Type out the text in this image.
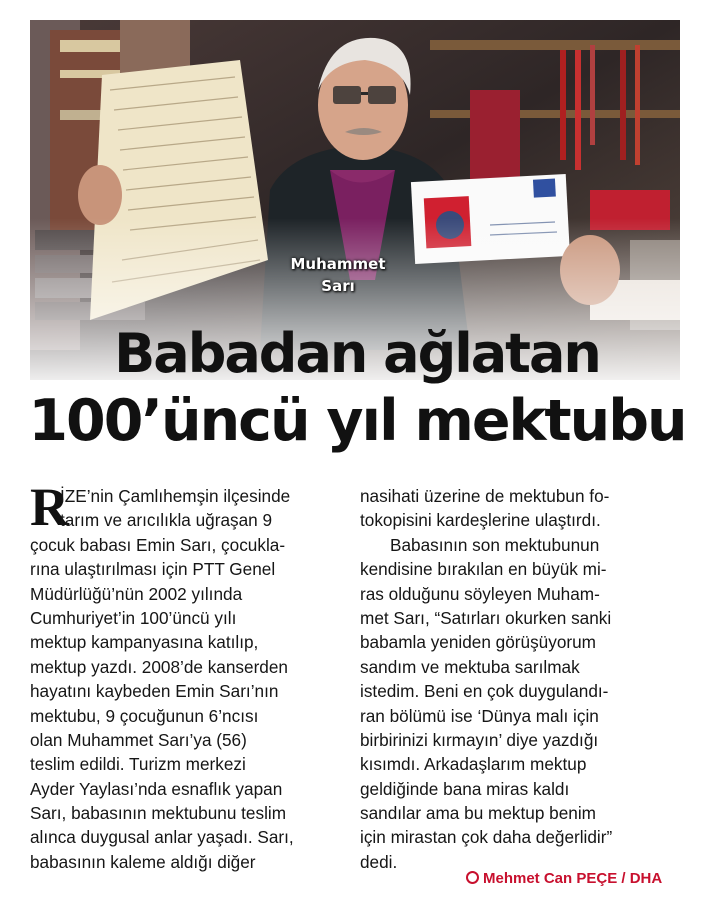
Muhammet
Sarı
Babadan ağlatan
100’üncü yıl mektubu
R
İZE’nin Çamlıhemşin ilçesinde
tarım ve arıcılıkla uğraşan 9
çocuk babası Emin Sarı, çocukla-
rına ulaştırılması için PTT Genel
Müdürlüğü’nün 2002 yılında
Cumhuriyet’in 100’üncü yılı
mektup kampanyasına katılıp,
mektup yazdı. 2008’de kanserden
hayatını kaybeden Emin Sarı’nın
mektubu, 9 çocuğunun 6’ncısı
olan Muhammet Sarı’ya (56)
teslim edildi. Turizm merkezi
Ayder Yaylası’nda esnaflık yapan
Sarı, babasının mektubunu teslim
alınca duygusal anlar yaşadı. Sarı,
babasının kaleme aldığı diğer
nasihati üzerine de mektubun fo-
tokopisini kardeşlerine ulaştırdı.
Babasının son mektubunun
kendisine bırakılan en büyük mi-
ras olduğunu söyleyen Muham-
met Sarı, “Satırları okurken sanki
babamla yeniden görüşüyorum
sandım ve mektuba sarılmak
istedim. Beni en çok duygulandı-
ran bölümü ise ‘Dünya malı için
birbirinizi kırmayın’ diye yazdığı
kısımdı. Arkadaşlarım mektup
geldiğinde bana miras kaldı
sandılar ama bu mektup benim
için mirastan çok daha değerlidir”
dedi.
Mehmet Can PEÇE / DHA
